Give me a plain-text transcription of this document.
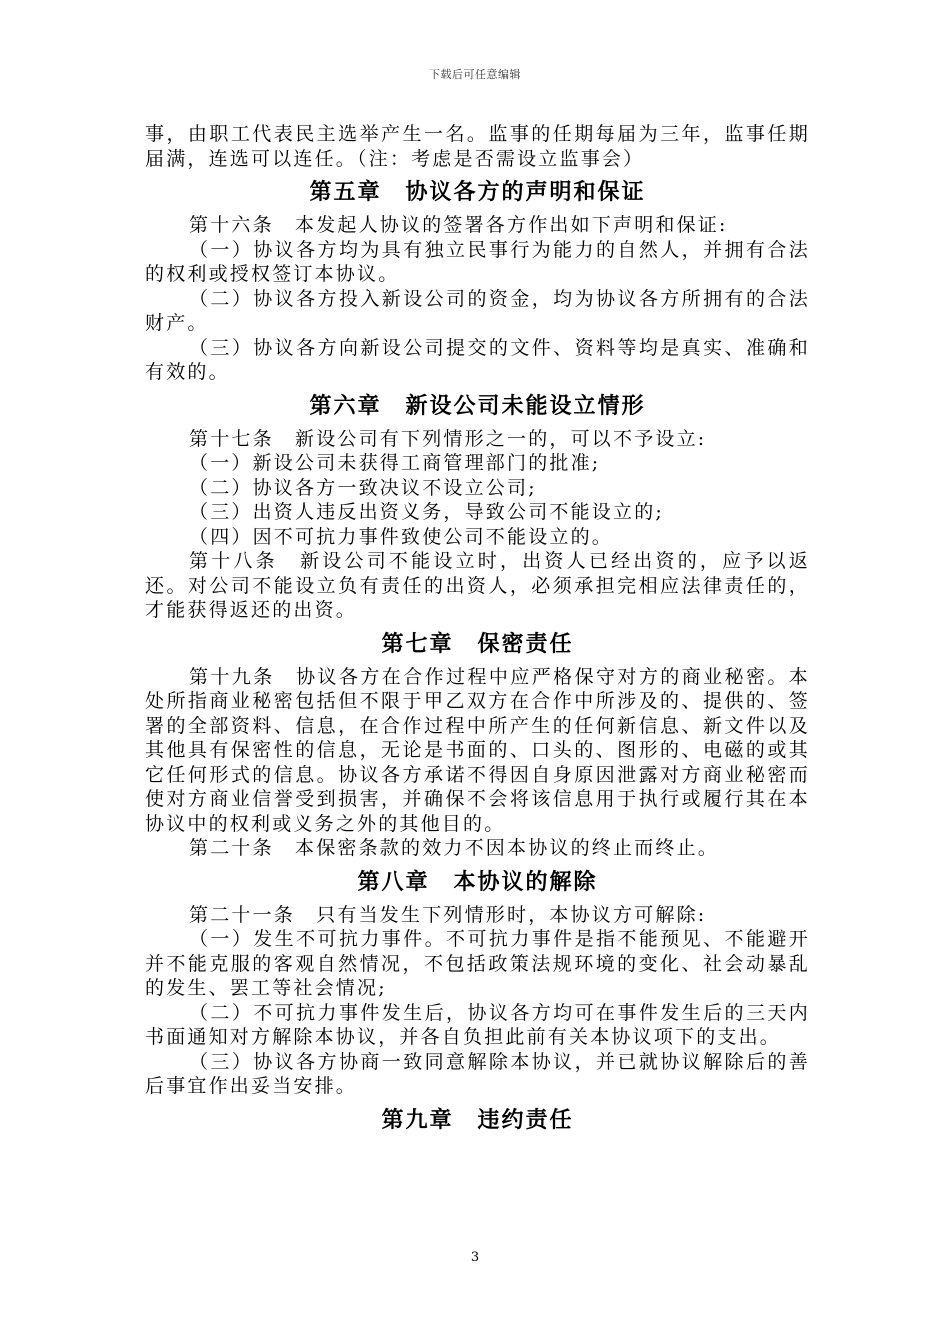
下载后可任意编辑

事，由职工代表民主选举产生一名。监事的任期每届为三年，监事任期届满，连选可以连任。（注：考虑是否需设立监事会）

第五章　协议各方的声明和保证

第十六条　本发起人协议的签署各方作出如下声明和保证:

（一）协议各方均为具有独立民事行为能力的自然人，并拥有合法的权利或授权签订本协议。

（二）协议各方投入新设公司的资金，均为协议各方所拥有的合法财产。

（三）协议各方向新设公司提交的文件、资料等均是真实、准确和有效的。

第六章　新设公司未能设立情形

第十七条　新设公司有下列情形之一的，可以不予设立:

（一）新设公司未获得工商管理部门的批准;

（二）协议各方一致决议不设立公司;

（三）出资人违反出资义务，导致公司不能设立的;

（四）因不可抗力事件致使公司不能设立的。

第十八条　新设公司不能设立时，出资人已经出资的，应予以返还。对公司不能设立负有责任的出资人，必须承担完相应法律责任的，才能获得返还的出资。

第七章　保密责任

第十九条　协议各方在合作过程中应严格保守对方的商业秘密。本处所指商业秘密包括但不限于甲乙双方在合作中所涉及的、提供的、签署的全部资料、信息，在合作过程中所产生的任何新信息、新文件以及其他具有保密性的信息，无论是书面的、口头的、图形的、电磁的或其它任何形式的信息。协议各方承诺不得因自身原因泄露对方商业秘密而使对方商业信誉受到损害，并确保不会将该信息用于执行或履行其在本协议中的权利或义务之外的其他目的。

第二十条　本保密条款的效力不因本协议的终止而终止。

第八章　本协议的解除

第二十一条　只有当发生下列情形时，本协议方可解除:

（一）发生不可抗力事件。不可抗力事件是指不能预见、不能避开并不能克服的客观自然情况，不包括政策法规环境的变化、社会动暴乱的发生、罢工等社会情况;

（二）不可抗力事件发生后，协议各方均可在事件发生后的三天内书面通知对方解除本协议，并各自负担此前有关本协议项下的支出。

（三）协议各方协商一致同意解除本协议，并已就协议解除后的善后事宜作出妥当安排。

第九章　违约责任
3
